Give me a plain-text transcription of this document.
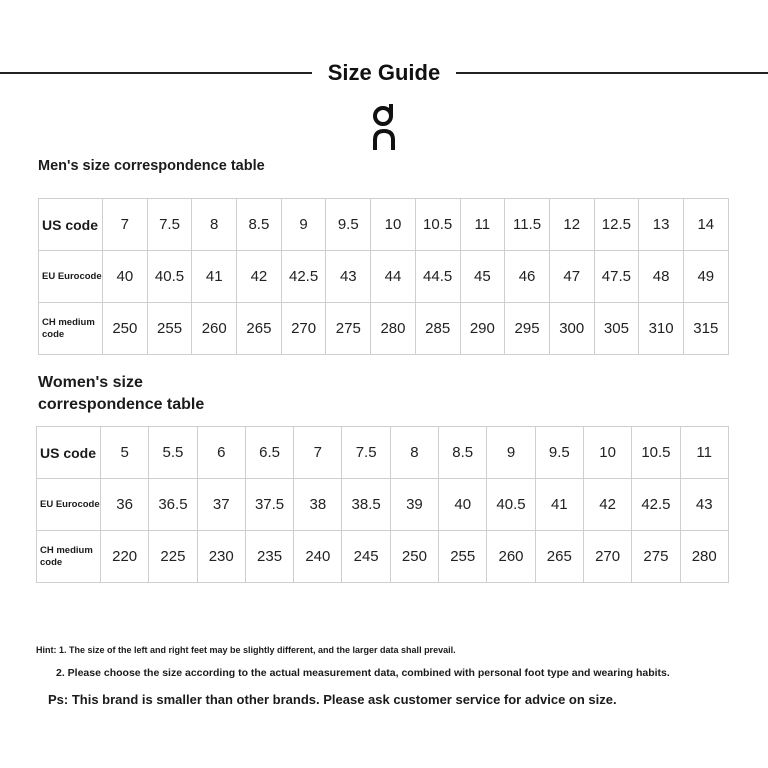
Size Guide
Men's size correspondence table
US code	7	7.5	8	8.5	9	9.5	10	10.5	11	11.5	12	12.5	13	14
EU Eurocode	40	40.5	41	42	42.5	43	44	44.5	45	46	47	47.5	48	49
CH medium code	250	255	260	265	270	275	280	285	290	295	300	305	310	315
Women's size correspondence table
US code	5	5.5	6	6.5	7	7.5	8	8.5	9	9.5	10	10.5	11
EU Eurocode	36	36.5	37	37.5	38	38.5	39	40	40.5	41	42	42.5	43
CH medium code	220	225	230	235	240	245	250	255	260	265	270	275	280
Hint: 1. The size of the left and right feet may be slightly different, and the larger data shall prevail.
2. Please choose the size according to the actual measurement data, combined with personal foot type and wearing habits.
Ps: This brand is smaller than other brands. Please ask customer service for advice on size.
